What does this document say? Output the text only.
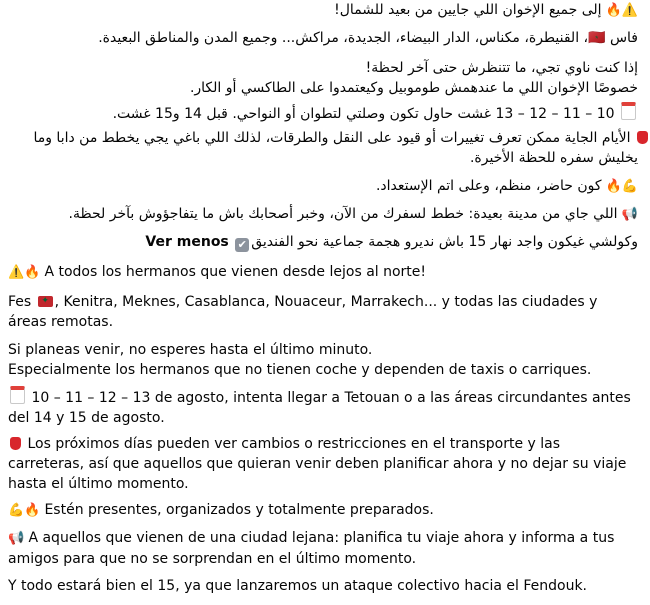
⚠️🔥 إلى جميع الإخوان اللي جايين من بعيد للشمال!
فاس 🇲🇦، القنيطرة، مكناس، الدار البيضاء، الجديدة، مراكش... وجميع المدن والمناطق البعيدة.
إذا كنت ناوي تجي، ما تتنظرش حتى آخر لحظة!
خصوصًا الإخوان اللي ما عندهمش طوموبيل وكيعتمدوا على الطاكسي أو الكار.
10 – 11 – 12 – 13 غشت حاول تكون وصلتي لتطوان أو النواحي. قبل 14 و15 غشت.
الأيام الجاية ممكن تعرف تغييرات أو قيود على النقل والطرقات، لذلك اللي باغي يجي يخطط من دابا وما
يخليش سفره للحظة الأخيرة.
💪🔥 كون حاضر، منظم، وعلى اتم الإستعداد.
📢 اللي جاي من مدينة بعيدة: خطط لسفرك من الآن، وخبر أصحابك باش ما يتفاجؤوش بآخر لحظة.
وكولشي غيكون واجد نهار 15 باش نديرو هجمة جماعية نحو الفنديق✔ Ver menos
⚠️🔥 A todos los hermanos que vienen desde lejos al norte!
Fes ✦ , Kenitra, Meknes, Casablanca, Nouaceur, Marrakech... y todas las ciudades y áreas remotas.
Si planeas venir, no esperes hasta el último minuto.
Especialmente los hermanos que no tienen coche y dependen de taxis o carriques.
10 – 11 – 12 – 13 de agosto, intenta llegar a Tetouan o a las áreas circundantes antes del 14 y 15 de agosto.
Los próximos días pueden ver cambios o restricciones en el transporte y las carreteras, así que aquellos que quieran venir deben planificar ahora y no dejar su viaje hasta el último momento.
💪🔥 Estén presentes, organizados y totalmente preparados.
📢 A aquellos que vienen de una ciudad lejana: planifica tu viaje ahora y informa a tus amigos para que no se sorprendan en el último momento.
Y todo estará bien el 15, ya que lanzaremos un ataque colectivo hacia el Fendouk.
